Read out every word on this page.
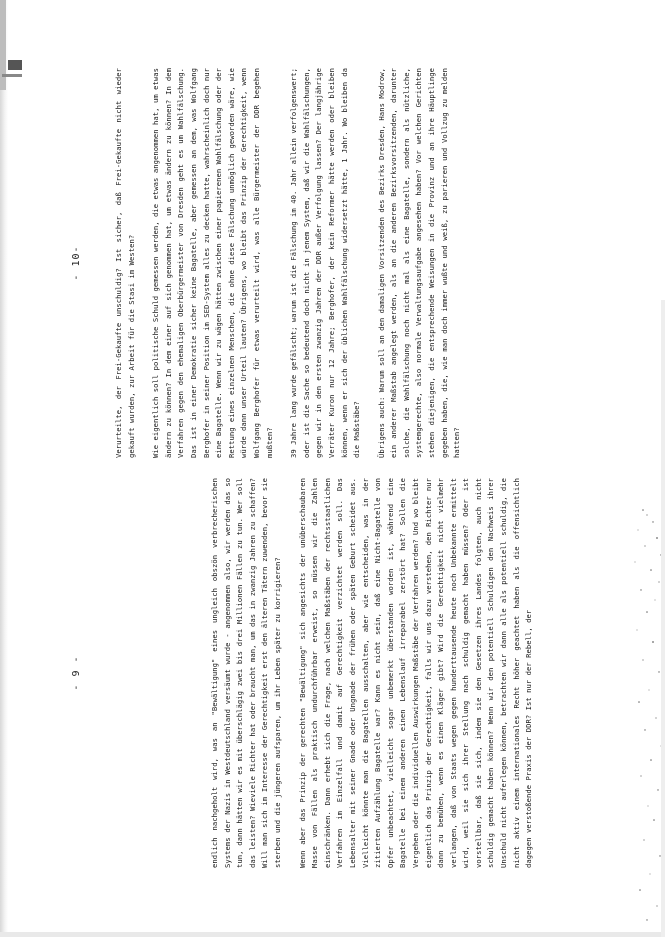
- 9 -
- 10-

endlich nachgeholt wird, was an "Bewältigung" eines ungleich obszön verbrecherischen Systems der Nazis in Westdeutschland versäumt wurde - angenommen also, wir werden das so tun, dann hätten wir es mit überschlägig zwei bis drei Millionen Fällen zu tun. Wer soll das leisten? Wieviele Richter hat oder braucht man, um das in zwanzig Jahren zu schaffen? Will man sich im Interesse der Gerechtigkeit erst den älteren Tätern zuwenden, bevor sie sterben und die jüngeren aufsparen, um ihr Leben später zu korrigieren?	Wenn aber das Prinzip der gerechten "Bewältigung" sich angesichts der unüberschaubaren Masse von Fällen als praktisch undurchführbar erweist, so müssen wir die Zahlen einschränken. Dann erhebt sich die Frage, nach welchen Maßstäben der rechtsstaatlichen Verfahren im Einzelfall und damit auf Gerechtigkeit verzichtet werden soll. Das Lebensalter mit seiner Gnade oder Ungnade der frühen oder späten Geburt scheidet aus. Vielleicht könnte man die Bagatellen ausschalten, aber wie entscheiden, was in der zitierten Aufzählung Bagatelle war? Kann es nicht sein, daß eine Nicht-Bagatelle von Opfer unbeachtet, vielleicht sogar unbemerkt überstanden worden ist, während eine Bagatelle bei einem anderen einen Lebenslauf irreparabel zerstört hat? Sollen die Vergehen oder die individuellen Auswirkungen Maßstäbe der Verfahren werden? Und wo bleibt eigentlich das Prinzip der Gerechtigkeit, falls wir uns dazu verstehen, den Richter nur dann zu bemühen, wenn es einen Kläger gibt? Wird die Gerechtigkeit nicht vielmehr verlangen, daß von Staats wegen gegen hunderttausende heute noch Unbekannte ermittelt wird, weil sie sich ihrer Stellung nach schuldig gemacht haben müssen? Oder ist vorstellbar, daß sie sich, indem sie den Gesetzen ihres Landes folgten, auch nicht schuldig gemacht haben können? Wenn wir den potentiell Schuldigen den Nachweis ihrer Unschuld nicht auferlegen können, betrachten wir dann alle als potentiell schuldig, die nicht aktiv einem internationales Recht höher geachtet haben als die offensichtlich dagegen verstoßende Praxis der DDR? Ist nur der Rebell, der

Verurteilte, der Frei-Gekaufte unschuldig? Ist sicher, daß Frei-Gekaufte nicht wieder gekauft wurden, zur Arbeit für die Stasi im Westen?	Wie eigentlich soll politische Schuld gemessen werden, die etwas angenommen hat, um etwas ändern zu können? In dem einer auf sich genommen hat, um etwas ändern zu können? In dem Verfahren gegen den ehemaligen Oberbürgermeister von Dresden geht es um Wahlfälschung. Das ist in einer Demokratie sicher keine Bagatelle, aber gemessen an dem, was Wolfgang Berghofer in seiner Position im SED-System alles zu decken hatte, wahrscheinlich doch nur eine Bagatelle. Wenn wir zu wägen hätten zwischen einer papierenen Wahlfälschung oder der Rettung eines einzelnen Menschen, die ohne diese Fälschung unmöglich geworden wäre, wie würde dann unser Urteil lauten? Übrigens, wo bleibt das Prinzip der Gerechtigkeit, wenn Wolfgang Berghofer für etwas verurteilt wird, was alle Bürgermeister der DDR begehen mußten?	39 Jahre lang wurde gefälscht; warum ist die Fälschung im 40. Jahr allein verfolgenswert; oder ist die Sache so bedeutend doch nicht in jenem System, daß wir die Wahlfälschungen, gegen wir in den ersten zwanzig Jahren der DDR außer Verfolgung lassen? Der langjährige Verräter Kuron nur 12 Jahre; Berghofer, der kein Reformer hätte werden oder bleiben können, wenn er sich der üblichen Wahlfälschung widersetzt hätte, 1 Jahr. Wo bleiben da die Maßstäbe?	Übrigens auch: Warum soll an den damaligen Vorsitzenden des Bezirks Dresden, Hans Modrow, ein anderer Maßstab angelegt werden, als an die anderen Bezirksvorsitzenden, darunter solche, die Wahlfälschung noch nicht mal als eine Bagatelle, sondern als nützliche, systemgerechte, also normale Verwaltungsaufgabe angesehen haben? Vor welchen Gerichten stehen diejenigen, die entsprechende Weisungen in die Provinz und an ihre Häuptlinge gegeben haben, die, wie man doch immer wußte und weiß, zu parieren und Vollzug zu melden hatten?
